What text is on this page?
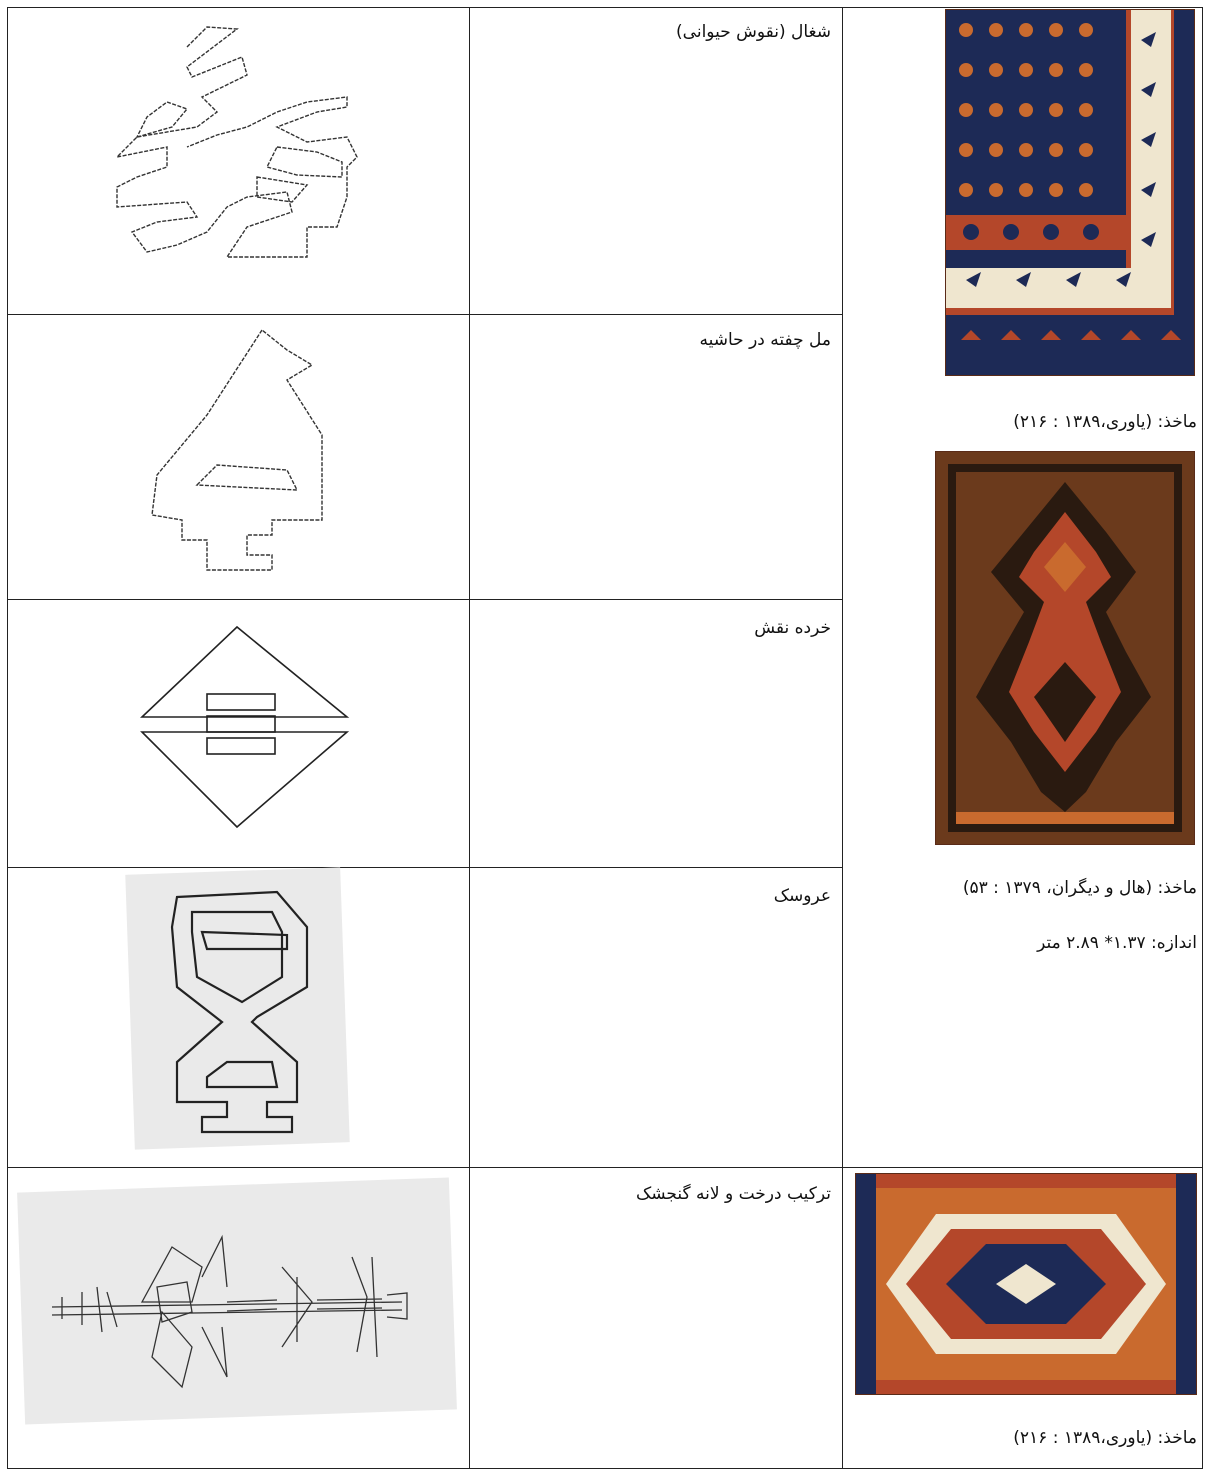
شغال (نقوش حیوانی)
مل چفته در حاشیه
خرده نقش
عروسک
ترکیب درخت و لانه گنجشک
ماخذ: (یاوری،۱۳۸۹ : ۲۱۶)
ماخذ: (هال و دیگران، ۱۳۷۹ : ۵۳)
اندازه: ۱.۳۷* ۲.۸۹ متر
ماخذ: (یاوری،۱۳۸۹ : ۲۱۶)
